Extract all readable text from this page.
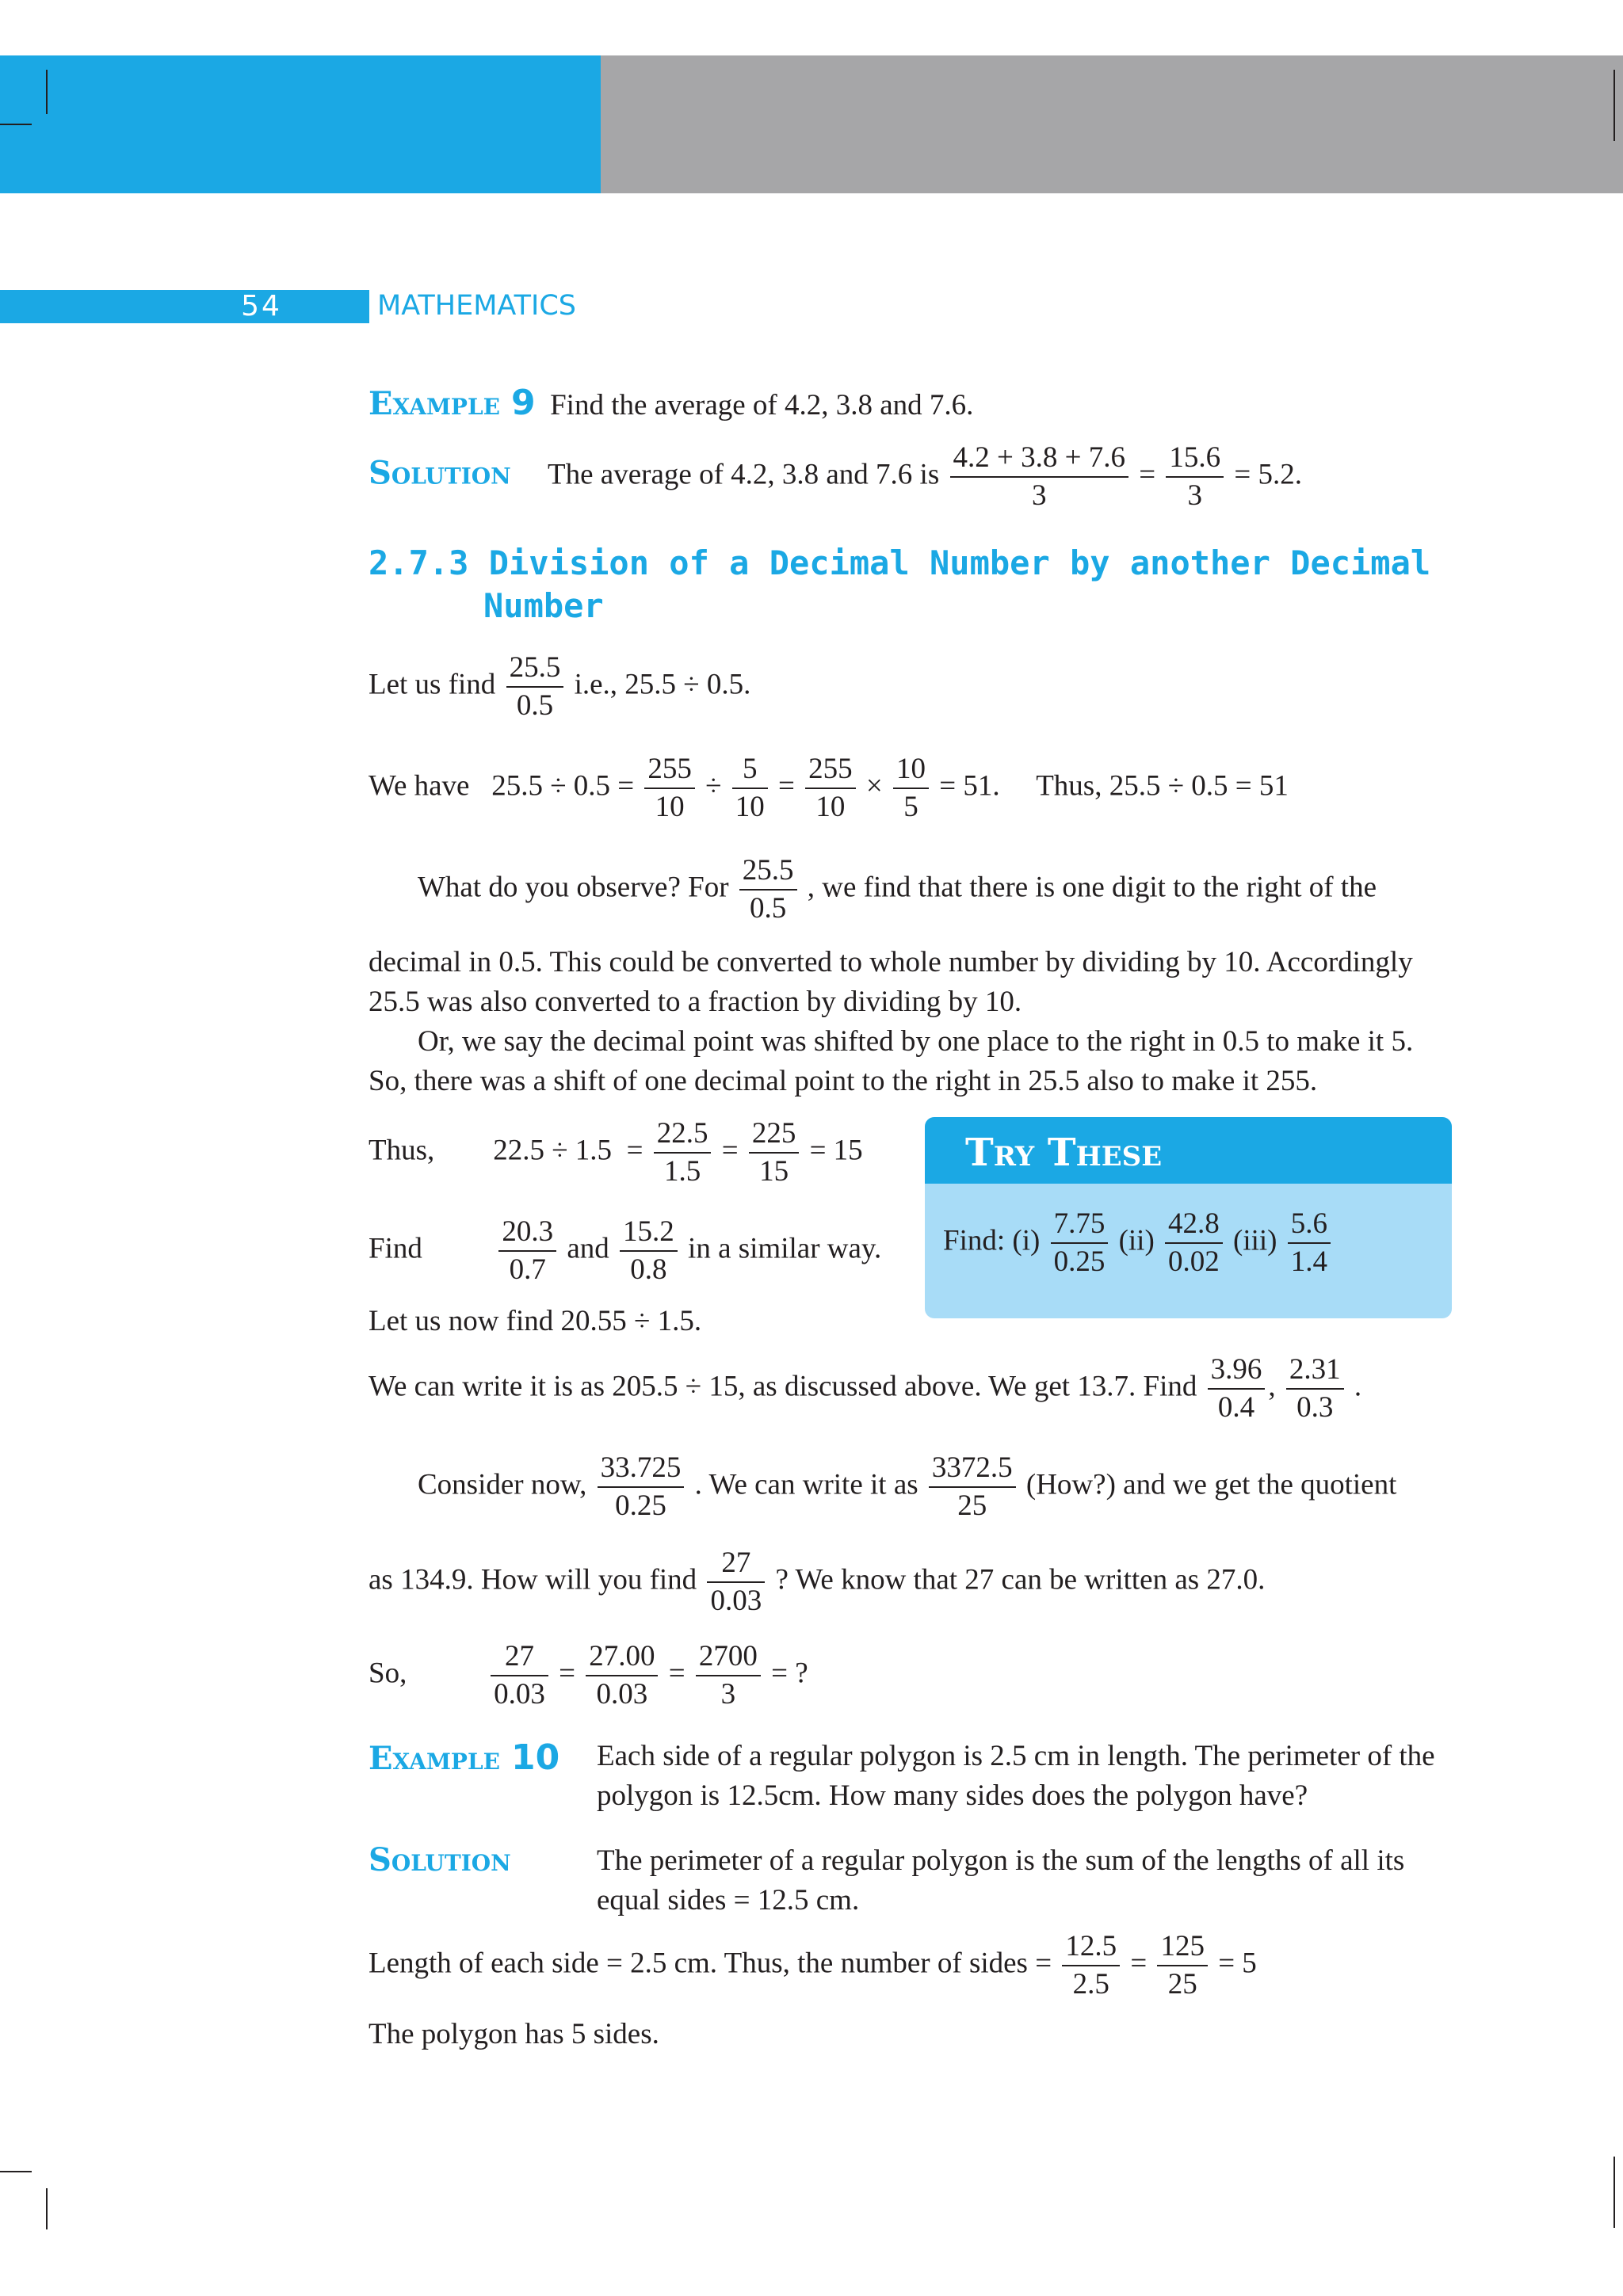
54	MATHEMATICS
Example 9 Find the average of 4.2, 3.8 and 7.6.
Solution The average of 4.2, 3.8 and 7.6 is $\frac{4.2 + 3.8 + 7.6}{3} = \frac{15.6}{3} = 5.2$.
2.7.3 Division of a Decimal Number by another Decimal
Number
Let us find $\frac{25.5}{0.5} i.e$., 25.5 ÷ 0.5.
We have $25.5 \div 0.5 = \frac{255}{10} \div \frac{5}{10} = \frac{255}{10} \times \frac{10}{5} = 51$. Thus, 25.5 ÷ 0.5 = 51
What do you observe? For $\frac{25.5}{0.5}$ , we find that there is one digit to the right of the
decimal in 0.5. This could be converted to whole number by dividing by 10. Accordingly
25.5 was also converted to a fraction by dividing by 10.
Or, we say the decimal point was shifted by one place to the right in 0.5 to make it 5.
So, there was a shift of one decimal point to the right in 25.5 also to make it 255.
Thus, $22.5 \div 1.5 = \frac{22.5}{1.5} = \frac{225}{15} = 15$
Find	$\frac{20.3}{0.7}$ and $\frac{15.2}{0.8}$ in a similar way.
Try These
Find: $(i) \frac{7.75}{0.25} (ii) \frac{42.8}{0.02} (iii) \frac{5.6}{1.4}$
Let us now find 20.55 ÷ 1.5.
We can write it is as 205.5 ÷ 15, as discussed above. We get 13.7. Find $\frac{3.96}{0.4}$ , $\frac{2.31}{0.3}$ .
Consider now, $\frac{33.725}{0.25}$ . We can write it as $\frac{3372.5}{25}$ (How?) and we get the quotient
as 134.9. How will you find $\frac{27}{0.03}$ ? We know that 27 can be written as 27.0.
So,	$\frac{27}{0.03} = \frac{27.00}{0.03} = \frac{2700}{3}$ = ?
Example 10 Each side of a regular polygon is 2.5 cm in length. The perimeter of the
polygon is 12.5cm. How many sides does the polygon have?
Solution	The perimeter of a regular polygon is the sum of the lengths of all its
equal sides = 12.5 cm.
Length of each side = 2.5 cm. Thus, the number of sides = $\frac{12.5}{2.5} = \frac{125}{25} = 5$
The polygon has 5 sides.
